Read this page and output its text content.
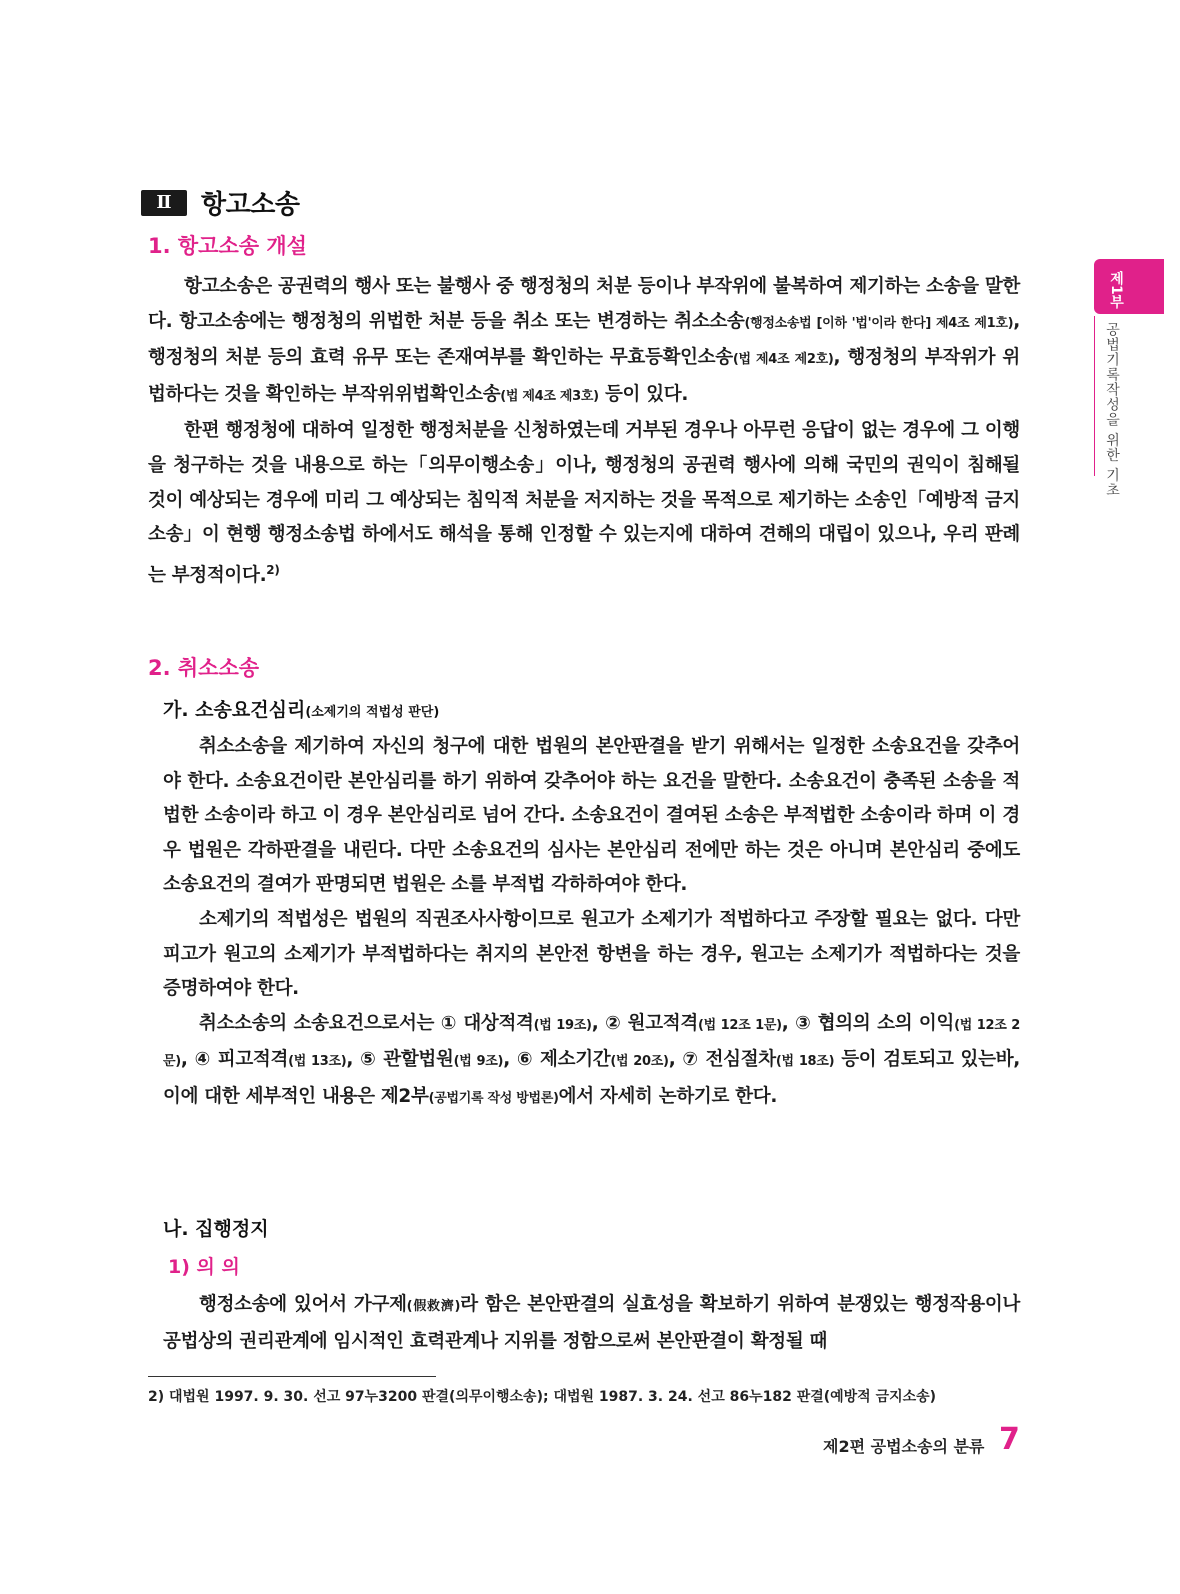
제1부
공법기록작성을 위한 기초
Ⅱ	항고소송
1. 항고소송 개설

항고소송은 공권력의 행사 또는 불행사 중 행정청의 처분 등이나 부작위에 불복하여 제기하는 소송을 말한다. 항고소송에는 행정청의 위법한 처분 등을 취소 또는 변경하는 취소소송(행정소송법 [이하 '법'이라 한다] 제4조 제1호), 행정청의 처분 등의 효력 유무 또는 존재여부를 확인하는 무효등확인소송(법 제4조 제2호), 행정청의 부작위가 위법하다는 것을 확인하는 부작위위법확인소송(법 제4조 제3호) 등이 있다.

한편 행정청에 대하여 일정한 행정처분을 신청하였는데 거부된 경우나 아무런 응답이 없는 경우에 그 이행을 청구하는 것을 내용으로 하는「의무이행소송」이나, 행정청의 공권력 행사에 의해 국민의 권익이 침해될 것이 예상되는 경우에 미리 그 예상되는 침익적 처분을 저지하는 것을 목적으로 제기하는 소송인「예방적 금지소송」이 현행 행정소송법 하에서도 해석을 통해 인정할 수 있는지에 대하여 견해의 대립이 있으나, 우리 판례는 부정적이다.$^{2)}$

2. 취소소송
가. 소송요건심리(소제기의 적법성 판단)

취소소송을 제기하여 자신의 청구에 대한 법원의 본안판결을 받기 위해서는 일정한 소송요건을 갖추어야 한다. 소송요건이란 본안심리를 하기 위하여 갖추어야 하는 요건을 말한다. 소송요건이 충족된 소송을 적법한 소송이라 하고 이 경우 본안심리로 넘어 간다. 소송요건이 결여된 소송은 부적법한 소송이라 하며 이 경우 법원은 각하판결을 내린다. 다만 소송요건의 심사는 본안심리 전에만 하는 것은 아니며 본안심리 중에도 소송요건의 결여가 판명되면 법원은 소를 부적법 각하하여야 한다.

소제기의 적법성은 법원의 직권조사사항이므로 원고가 소제기가 적법하다고 주장할 필요는 없다. 다만 피고가 원고의 소제기가 부적법하다는 취지의 본안전 항변을 하는 경우, 원고는 소제기가 적법하다는 것을 증명하여야 한다.

취소소송의 소송요건으로서는 ① 대상적격(법 19조), ② 원고적격(법 12조 1문), ③ 협의의 소의 이익(법 12조 2문), ④ 피고적격(법 13조), ⑤ 관할법원(법 9조), ⑥ 제소기간(법 20조), ⑦ 전심절차(법 18조) 등이 검토되고 있는바, 이에 대한 세부적인 내용은 제2부(공법기록 작성 방법론)에서 자세히 논하기로 한다.

나. 집행정지
1) 의 의

행정소송에 있어서 가구제(假救濟)라 함은 본안판결의 실효성을 확보하기 위하여 분쟁있는 행정작용이나 공법상의 권리관계에 임시적인 효력관계나 지위를 정함으로써 본안판결이 확정될 때

2) 대법원 1997. 9. 30. 선고 97누3200 판결(의무이행소송); 대법원 1987. 3. 24. 선고 86누182 판결(예방적 금지소송)
제2편 공법소송의 분류 7
